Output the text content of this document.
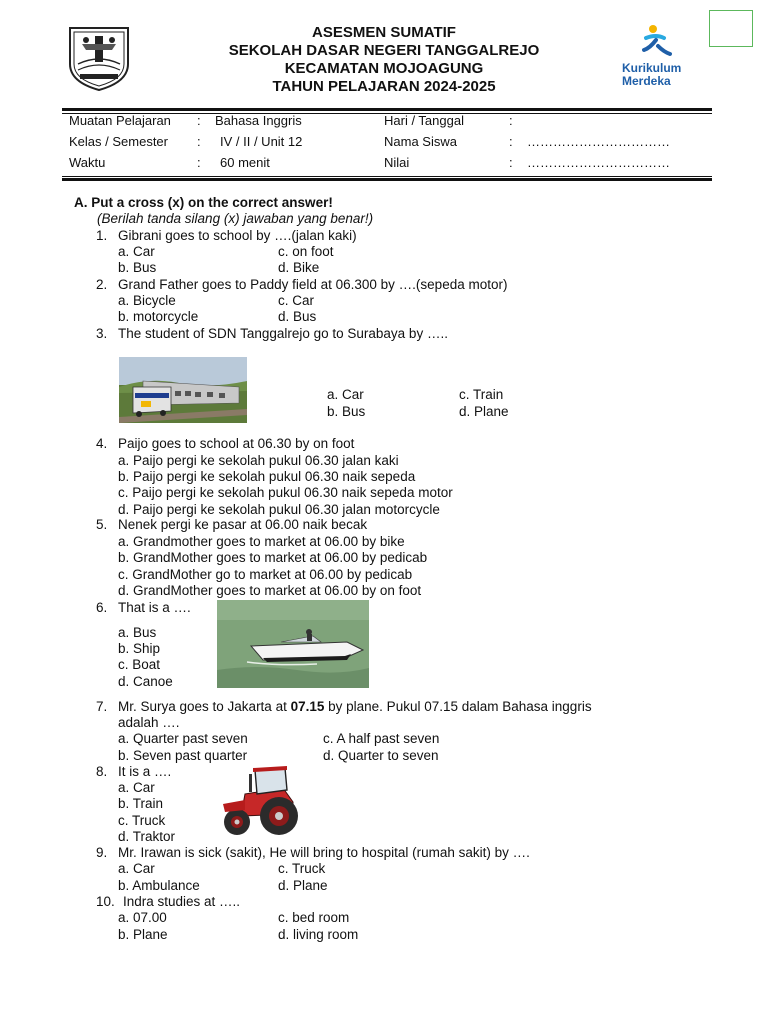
ASESMEN SUMATIF
SEKOLAH DASAR NEGERI TANGGALREJO
KECAMATAN MOJOAGUNG
TAHUN PELAJARAN 2024-2025
Kurikulum
Merdeka
Muatan Pelajaran : Bahasa Inggris	Hari / Tanggal	:
Kelas / Semester : IV / II / Unit 12	Nama Siswa	: ……………………………
Waktu	: 60 menit	Nilai	: ……………………………
A. Put a cross (x) on the correct answer!
(Berilah tanda silang (x) jawaban yang benar!)
1. Gibrani goes to school by ….(jalan kaki)
a. Car
b. Bus
c. on foot
d. Bike
2. Grand Father goes to Paddy field at 06.300 by ….(sepeda motor)
a. Bicycle
b. motorcycle
c. Car
d. Bus
3. The student of SDN Tanggalrejo go to Surabaya by …..
a. Car
b. Bus
c. Train
d. Plane
4. Paijo goes to school at 06.30 by on foot
a. Paijo pergi ke sekolah pukul 06.30 jalan kaki
b. Paijo pergi ke sekolah pukul 06.30 naik sepeda
c. Paijo pergi ke sekolah pukul 06.30 naik sepeda motor
d. Paijo pergi ke sekolah pukul 06.30 jalan motorcycle
5. Nenek pergi ke pasar at 06.00 naik becak
a. Grandmother goes to market at 06.00 by bike
b. GrandMother goes to market at 06.00 by pedicab
c. GrandMother go to market at 06.00 by pedicab
d. GrandMother goes to market at 06.00 by on foot
6. That is a ….
a. Bus
b. Ship
c. Boat
d. Canoe
7. Mr. Surya goes to Jakarta at 07.15 by plane. Pukul 07.15 dalam Bahasa inggris
adalah ….
a. Quarter past seven
b. Seven past quarter
c. A half past seven
d. Quarter to seven
8. It is a ….
a. Car
b. Train
c. Truck
d. Traktor
9. Mr. Irawan is sick (sakit), He will bring to hospital (rumah sakit) by ….
a. Car
b. Ambulance
c. Truck
d. Plane
10. Indra studies at …..
a. 07.00
b. Plane
c. bed room
d. living room
